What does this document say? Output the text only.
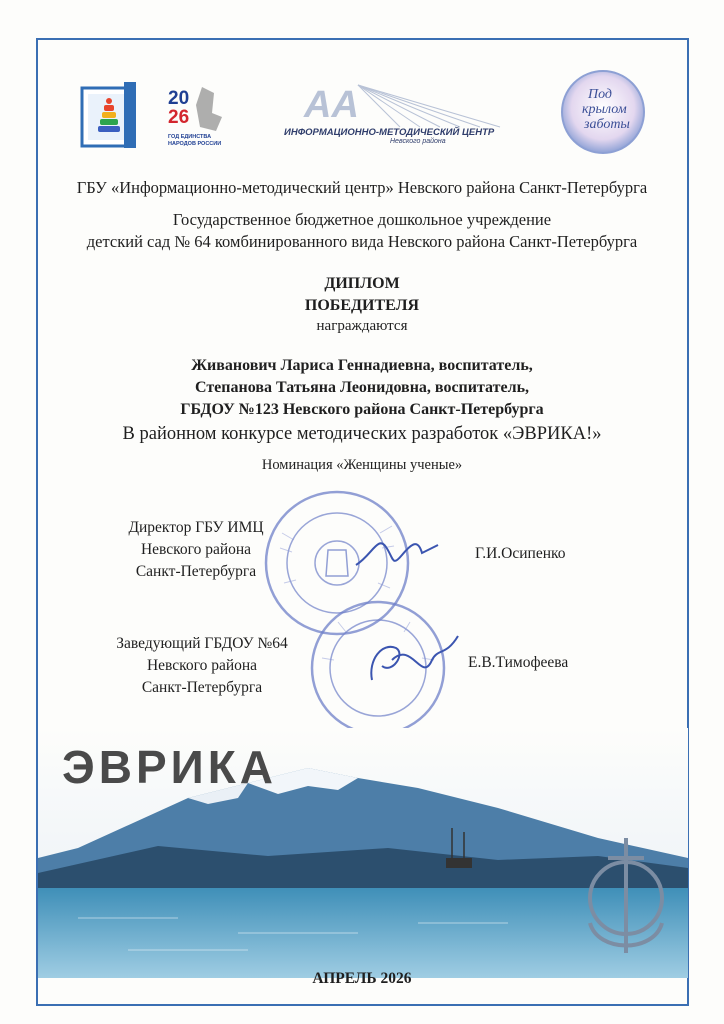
20
26
ГОД ЕДИНСТВА
НАРОДОВ РОССИИ
AA
ИНФОРМАЦИОННО-МЕТОДИЧЕСКИЙ ЦЕНТР
Невского района
Под
крылом
заботы
ГБУ «Информационно-методический центр» Невского района Санкт-Петербурга
Государственное бюджетное дошкольное учреждение
детский сад № 64 комбинированного вида Невского района Санкт-Петербурга
ДИПЛОМ
ПОБЕДИТЕЛЯ
награждаются
Живанович Лариса Геннадиевна, воспитатель,
Степанова Татьяна Леонидовна, воспитатель,
ГБДОУ №123 Невского района Санкт-Петербурга
В районном конкурсе методических разработок «ЭВРИКА!»
Номинация «Женщины ученые»
Директор ГБУ ИМЦ
Невского района
Санкт-Петербурга
Г.И.Осипенко
Заведующий ГБДОУ №64
Невского района
Санкт-Петербурга
Е.В.Тимофеева
ЭВРИКА
АПРЕЛЬ 2026
